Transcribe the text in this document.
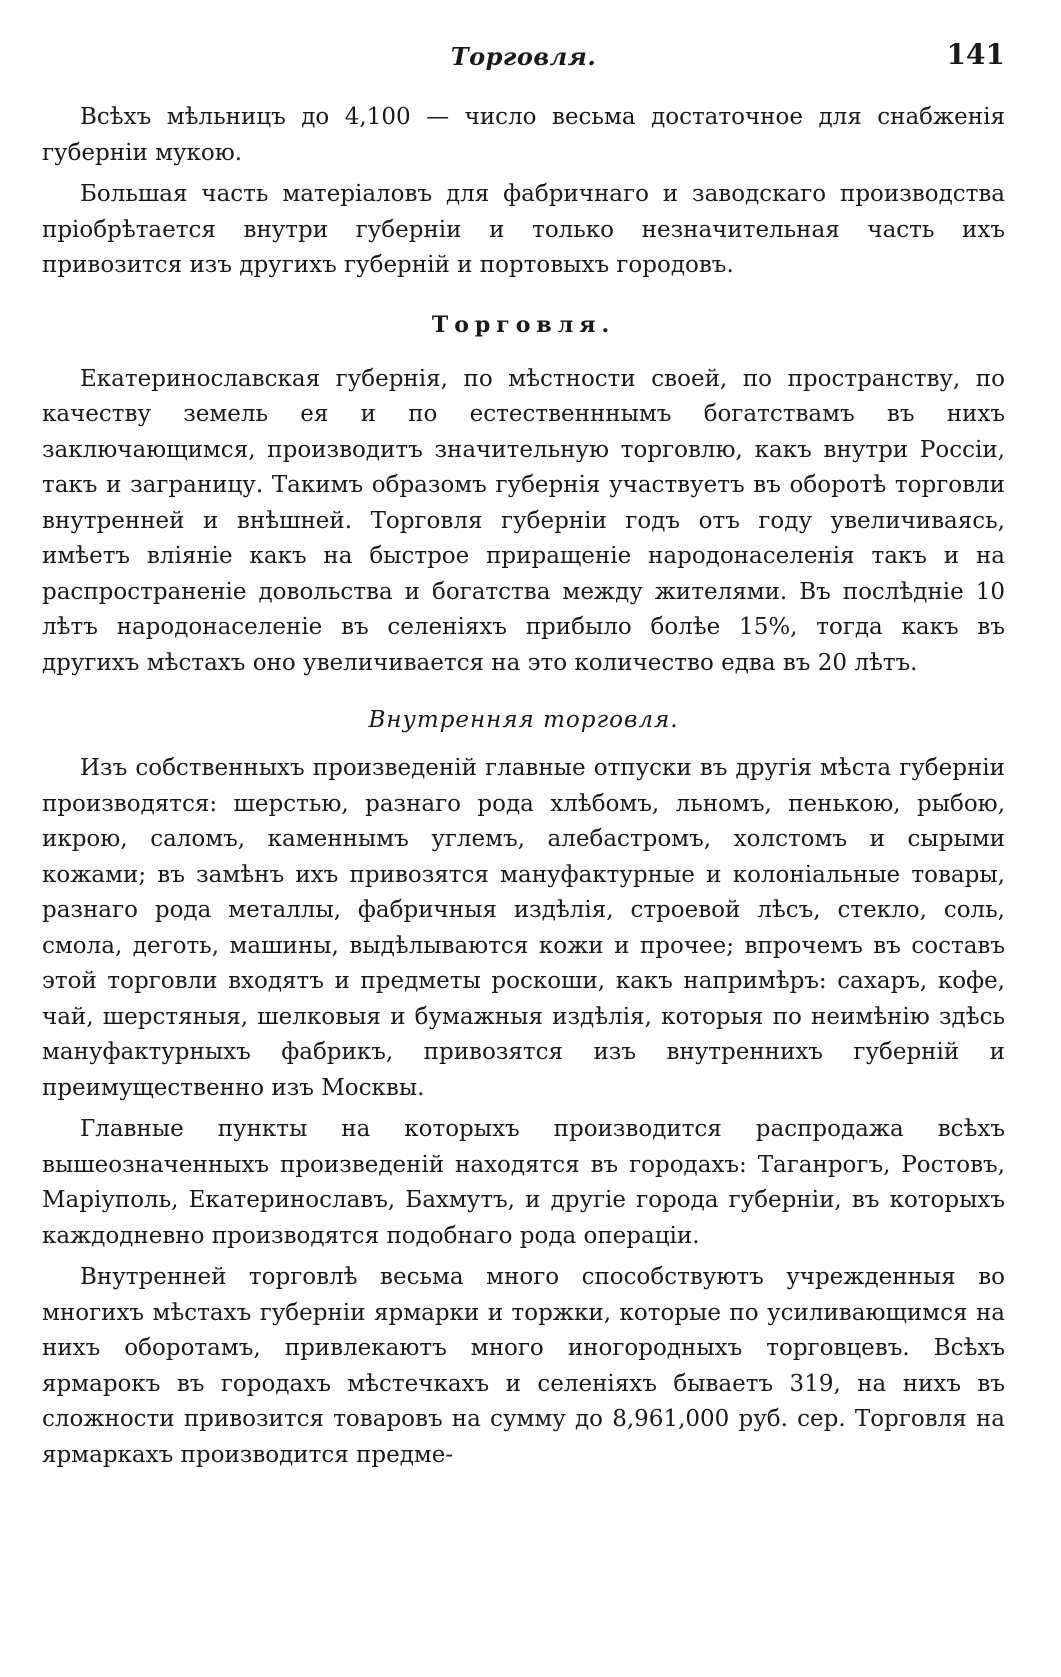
Торговля.	141

Всѣхъ мѣльницъ до 4,100 — число весьма достаточное для снабженія губерніи мукою.

Большая часть матеріаловъ для фабричнаго и заводскаго производства пріобрѣтается внутри губерніи и только незначительная часть ихъ привозится изъ другихъ губерній и портовыхъ городовъ.

Торговля.

Екатеринославская губернія, по мѣстности своей, по пространству, по качеству земель ея и по естественннымъ богатствамъ въ нихъ заключающимся, производитъ значительную торговлю, какъ внутри Россіи, такъ и заграницу. Такимъ образомъ губернія участвуетъ въ оборотѣ торговли внутренней и внѣшней. Торговля губерніи годъ отъ году увеличиваясь, имѣетъ вліяніе какъ на быстрое приращеніе народонаселенія такъ и на распространеніе довольства и богатства между жителями. Въ послѣдніе 10 лѣтъ народонаселеніе въ селеніяхъ прибыло болѣе 15%, тогда какъ въ другихъ мѣстахъ оно увеличивается на это количество едва въ 20 лѣтъ.

Внутренняя торговля.

Изъ собственныхъ произведеній главные отпуски въ другія мѣста губерніи производятся: шерстью, разнаго рода хлѣбомъ, льномъ, пенькою, рыбою, икрою, саломъ, каменнымъ углемъ, алебастромъ, холстомъ и сырыми кожами; въ замѣнъ ихъ привозятся мануфактурные и колоніальные товары, разнаго рода металлы, фабричныя издѣлія, строевой лѣсъ, стекло, соль, смола, деготь, машины, выдѣлываются кожи и прочее; впрочемъ въ составъ этой торговли входятъ и предметы роскоши, какъ напримѣръ: сахаръ, кофе, чай, шерстяныя, шелковыя и бумажныя издѣлія, которыя по неимѣнію здѣсь мануфактурныхъ фабрикъ, привозятся изъ внутреннихъ губерній и преимущественно изъ Москвы.

Главные пункты на которыхъ производится распродажа всѣхъ вышеозначенныхъ произведеній находятся въ городахъ: Таганрогъ, Ростовъ, Маріуполь, Екатеринославъ, Бахмутъ, и другіе города губерніи, въ которыхъ каждодневно производятся подобнаго рода операціи.

Внутренней торговлѣ весьма много способствуютъ учрежденныя во многихъ мѣстахъ губерніи ярмарки и торжки, которые по усиливающимся на нихъ оборотамъ, привлекаютъ много иногородныхъ торговцевъ. Всѣхъ ярмарокъ въ городахъ мѣстечкахъ и селеніяхъ бываетъ 319, на нихъ въ сложности привозится товаровъ на сумму до 8,961,000 руб. сер. Торговля на ярмаркахъ производится предме-
